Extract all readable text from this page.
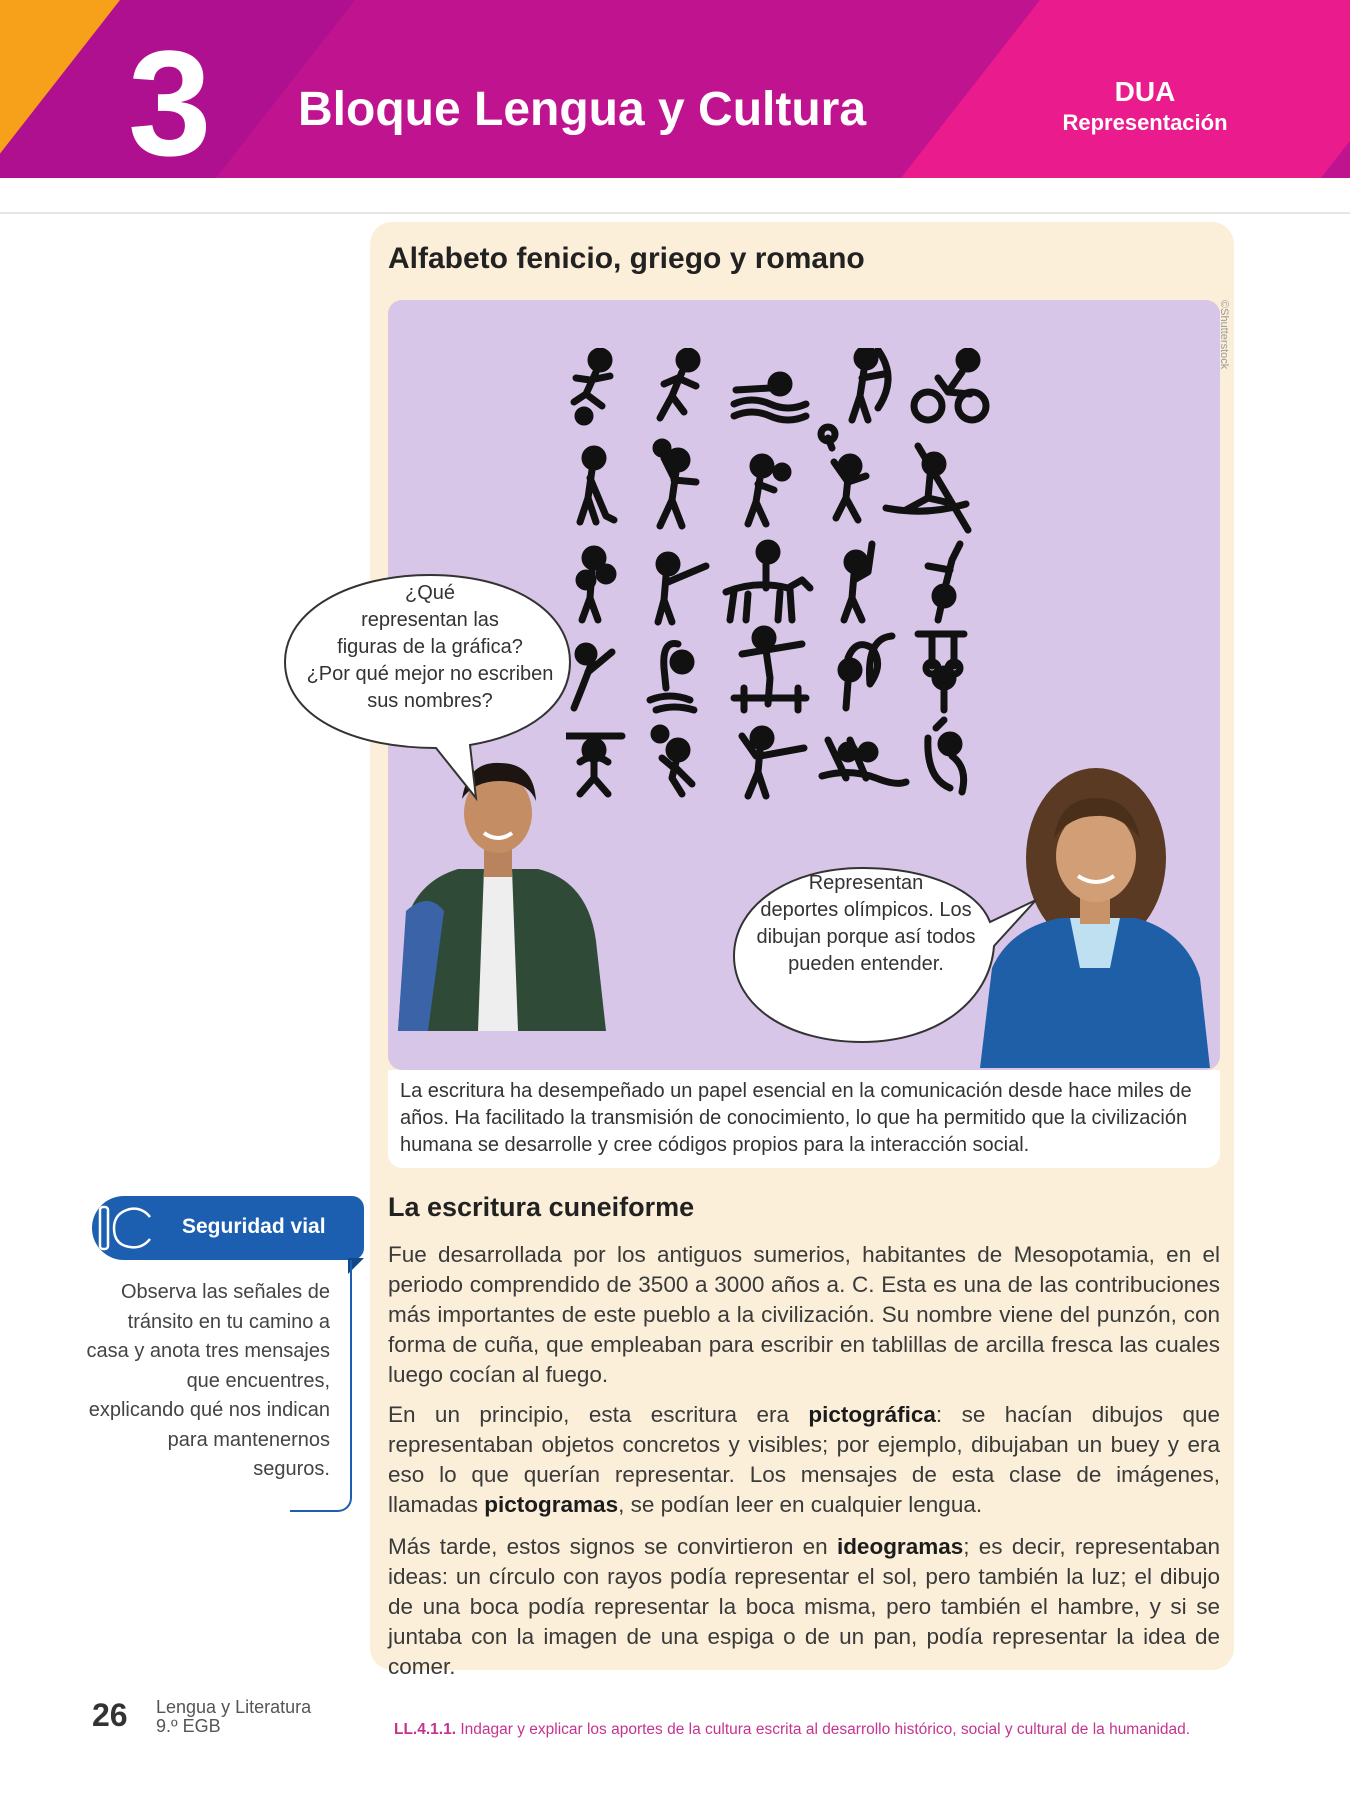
3 Bloque Lengua y Cultura	DUA
Representación
Alfabeto fenicio, griego y romano
¿Qué
representan las
figuras de la gráfica?
¿Por qué mejor no escriben
sus nombres?
Representan
deportes olímpicos. Los
dibujan porque así todos
pueden entender.
©Shutterstock
La escritura ha desempeñado un papel esencial en la comunicación desde hace miles de años. Ha facilitado la transmisión de conocimiento, lo que ha permitido que la civilización humana se desarrolle y cree códigos propios para la interacción social.
La escritura cuneiforme
Fue desarrollada por los antiguos sumerios, habitantes de Mesopotamia, en el periodo comprendido de 3500 a 3000 años a. C. Esta es una de las contribuciones más importantes de este pueblo a la civilización. Su nombre viene del punzón, con forma de cuña, que empleaban para escribir en tablillas de arcilla fresca las cuales luego cocían al fuego.
En un principio, esta escritura era pictográfica: se hacían dibujos que representaban objetos concretos y visibles; por ejemplo, dibujaban un buey y era eso lo que querían representar. Los mensajes de esta clase de imágenes, llamadas pictogramas, se podían leer en cualquier lengua.
Más tarde, estos signos se convirtieron en ideogramas; es decir, representaban ideas: un círculo con rayos podía representar el sol, pero también la luz; el dibujo de una boca podía representar la boca misma, pero también el hambre, y si se juntaba con la imagen de una espiga o de un pan, podía representar la idea de comer.
IC
Seguridad vial
Observa las señales de tránsito en tu camino a casa y anota tres mensajes que encuentres, explicando qué nos indican para mantenernos seguros.
26 Lengua y Literatura
9.º EGB	LL.4.1.1. Indagar y explicar los aportes de la cultura escrita al desarrollo histórico, social y cultural de la humanidad.
